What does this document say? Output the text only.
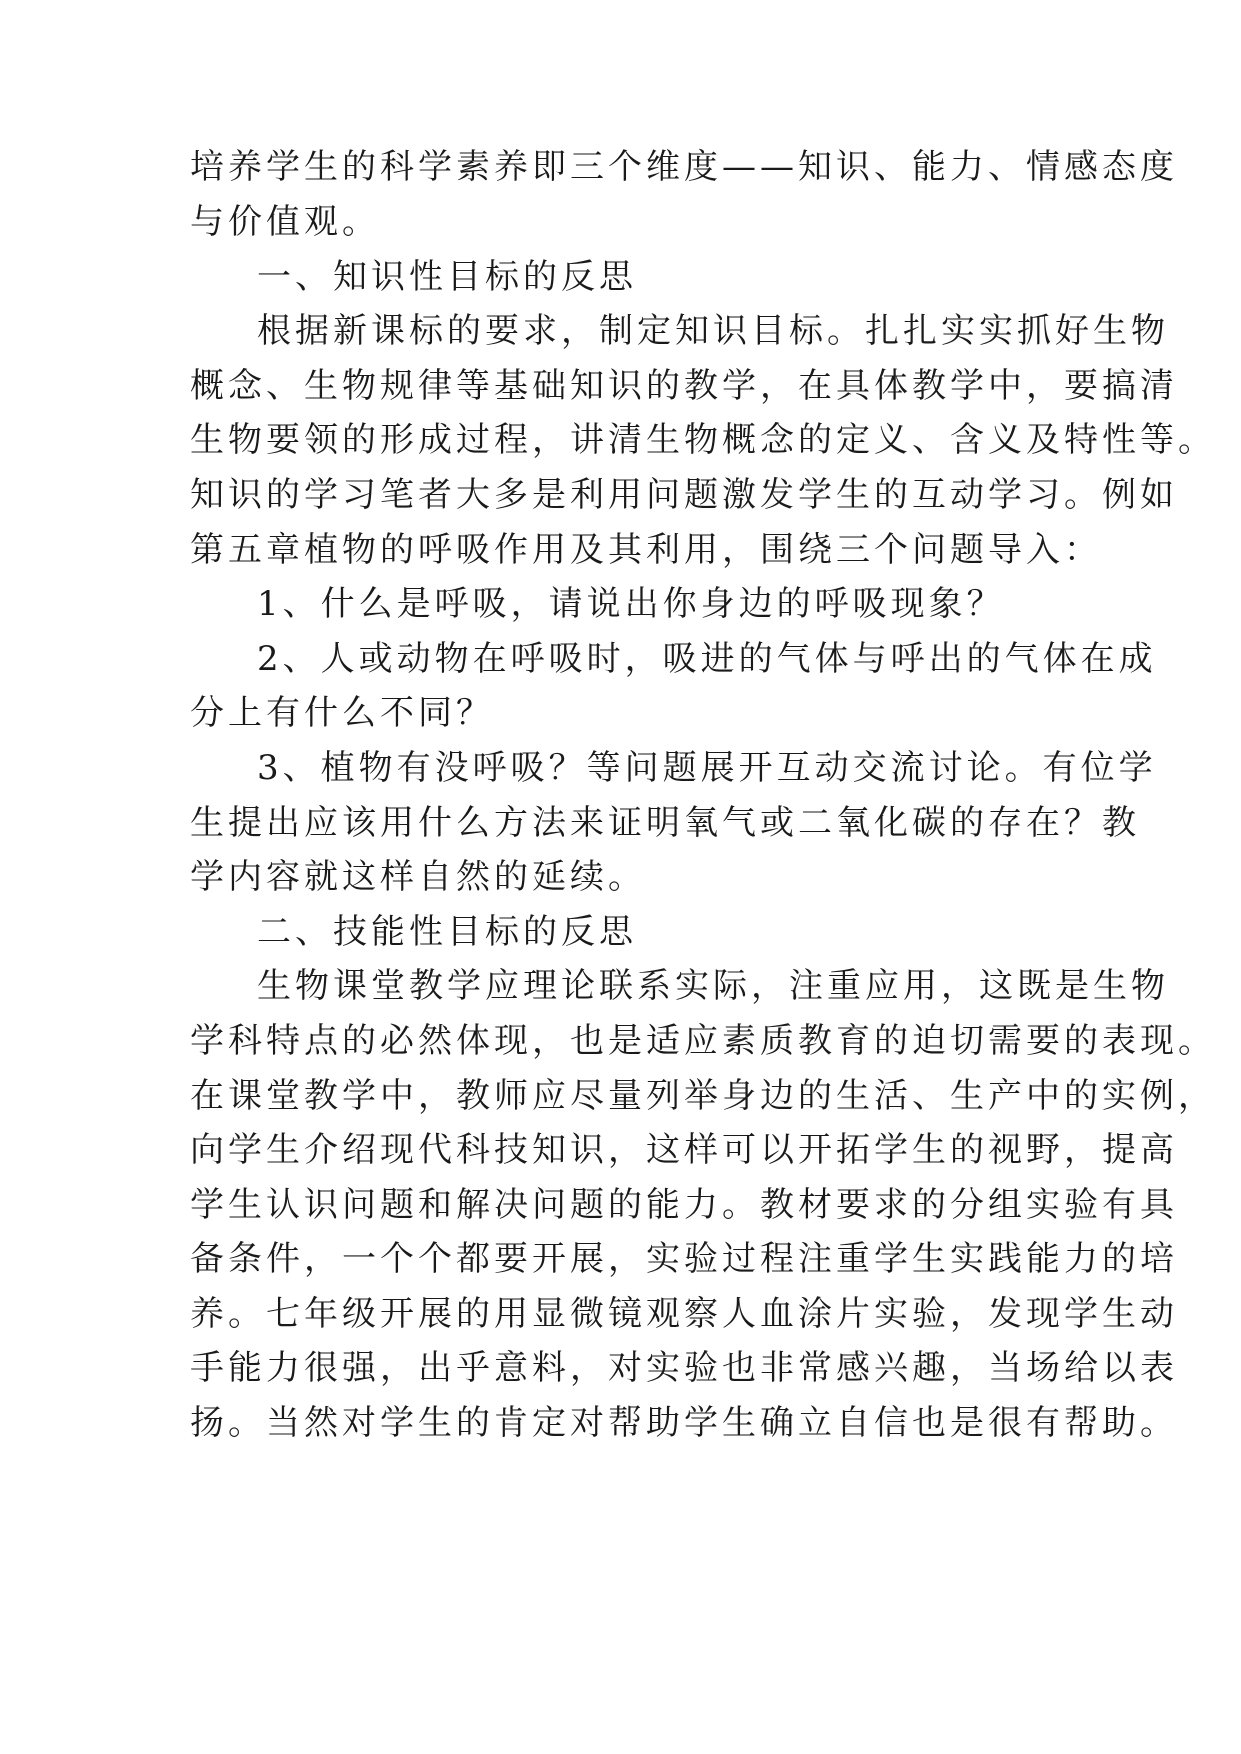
培养学生的科学素养即三个维度——知识、能力、情感态度
与价值观。
一、知识性目标的反思
根据新课标的要求，制定知识目标。扎扎实实抓好生物
概念、生物规律等基础知识的教学，在具体教学中，要搞清
生物要领的形成过程，讲清生物概念的定义、含义及特性等。
知识的学习笔者大多是利用问题激发学生的互动学习。例如
第五章植物的呼吸作用及其利用，围绕三个问题导入：
1、什么是呼吸，请说出你身边的呼吸现象？
2、人或动物在呼吸时，吸进的气体与呼出的气体在成
分上有什么不同？
3、植物有没呼吸？等问题展开互动交流讨论。有位学
生提出应该用什么方法来证明氧气或二氧化碳的存在？教
学内容就这样自然的延续。
二、技能性目标的反思
生物课堂教学应理论联系实际，注重应用，这既是生物
学科特点的必然体现，也是适应素质教育的迫切需要的表现。
在课堂教学中，教师应尽量列举身边的生活、生产中的实例，
向学生介绍现代科技知识，这样可以开拓学生的视野，提高
学生认识问题和解决问题的能力。教材要求的分组实验有具
备条件，一个个都要开展，实验过程注重学生实践能力的培
养。七年级开展的用显微镜观察人血涂片实验，发现学生动
手能力很强，出乎意料，对实验也非常感兴趣，当场给以表
扬。当然对学生的肯定对帮助学生确立自信也是很有帮助。
